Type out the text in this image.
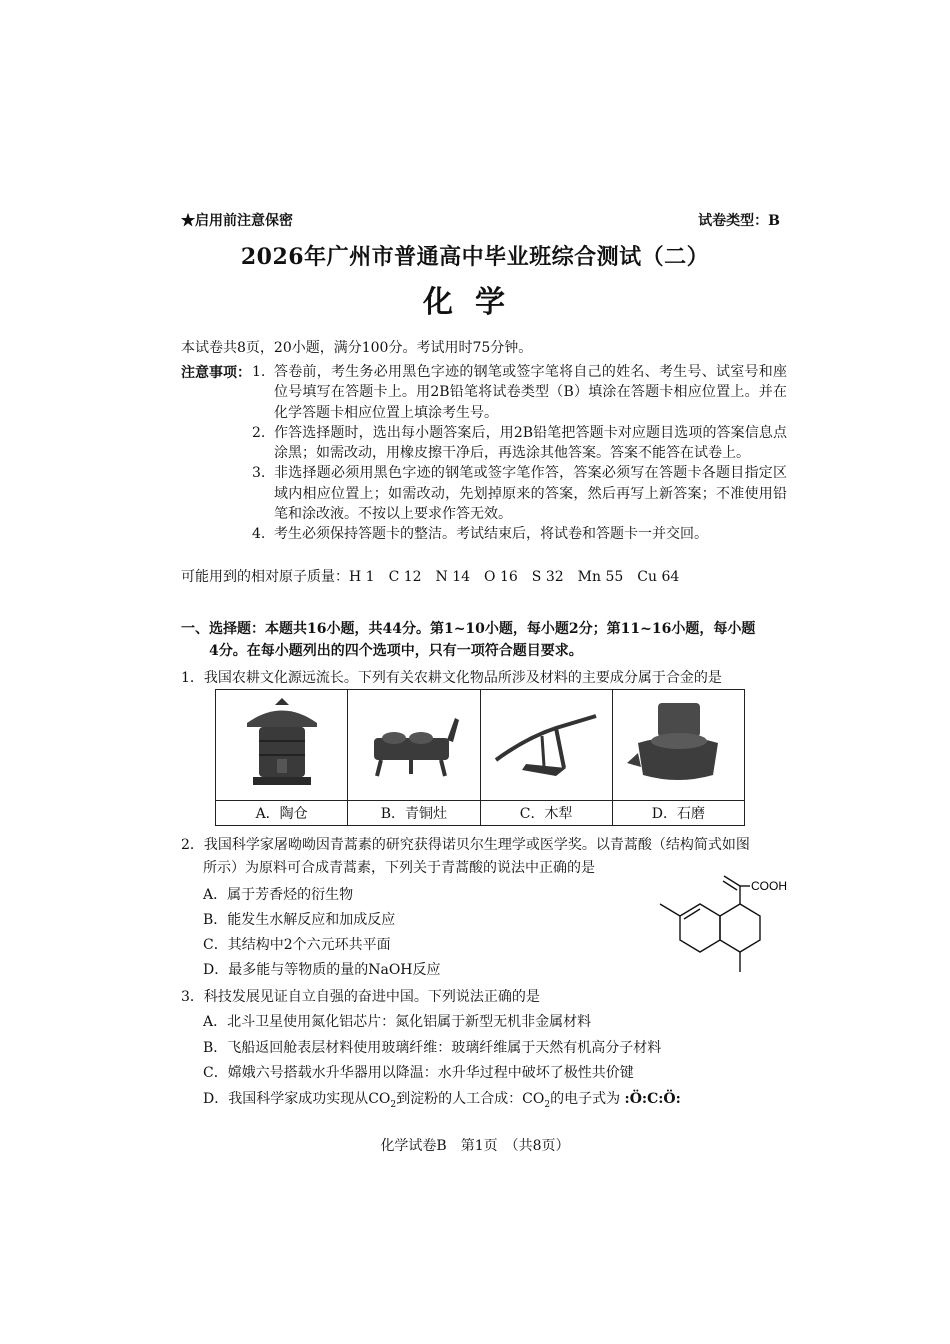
★启用前注意保密	试卷类型：B
2026年广州市普通高中毕业班综合测试（二）
化学
本试卷共8页，20小题，满分100分。考试用时75分钟。
注意事项： 1. 答卷前，考生务必用黑色字迹的钢笔或签字笔将自己的姓名、考生号、试室号和座位号填写在答题卡上。用2B铅笔将试卷类型（B）填涂在答题卡相应位置上。并在化学答题卡相应位置上填涂考生号。
2. 作答选择题时，选出每小题答案后，用2B铅笔把答题卡对应题目选项的答案信息点涂黑；如需改动，用橡皮擦干净后，再选涂其他答案。答案不能答在试卷上。
3. 非选择题必须用黑色字迹的钢笔或签字笔作答，答案必须写在答题卡各题目指定区域内相应位置上；如需改动，先划掉原来的答案，然后再写上新答案；不准使用铅笔和涂改液。不按以上要求作答无效。
4. 考生必须保持答题卡的整洁。考试结束后，将试卷和答题卡一并交回。
可能用到的相对原子质量：H 1　C 12　N 14　O 16　S 32　Mn 55　Cu 64
一、选择题：本题共16小题，共44分。第1~10小题，每小题2分；第11~16小题，每小题
4分。在每小题列出的四个选项中，只有一项符合题目要求。
1．我国农耕文化源远流长。下列有关农耕文化物品所涉及材料的主要成分属于合金的是

A．陶仓	B．青铜灶	C．木犁	D．石磨
2．我国科学家屠呦呦因青蒿素的研究获得诺贝尔生理学或医学奖。以青蒿酸（结构简式如图
所示）为原料可合成青蒿素，下列关于青蒿酸的说法中正确的是
A．属于芳香烃的衍生物
B．能发生水解反应和加成反应
C．其结构中2个六元环共平面
D．最多能与等物质的量的NaOH反应
COOH
3．科技发展见证自立自强的奋进中国。下列说法正确的是
A．北斗卫星使用氮化铝芯片：氮化铝属于新型无机非金属材料
B．飞船返回舱表层材料使用玻璃纤维：玻璃纤维属于天然有机高分子材料
C．嫦娥六号搭载水升华器用以降温：水升华过程中破坏了极性共价键
D．我国科学家成功实现从$CO_2$到淀粉的人工合成：$CO_2$的电子式为 :Ö:C:Ö:
化学试卷B　第1页　（共8页）
